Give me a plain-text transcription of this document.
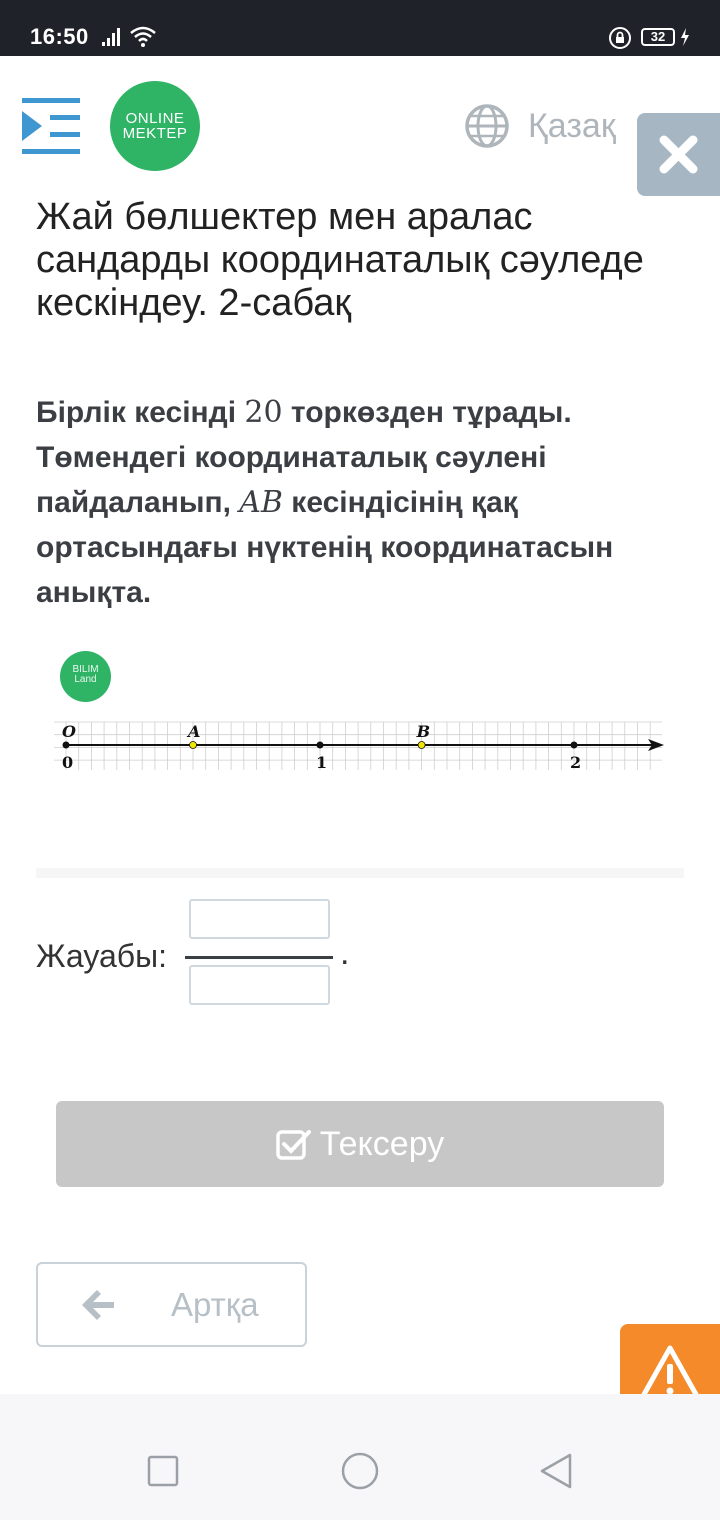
16:50	32
ONLINE
MEKTEP	Қазақ
Жай бөлшектер мен аралас сандарды координаталық сәуледе кескіндеу. 2-сабақ
Бірлік кесінді 20 торкөзден тұрады. Төмендегі координаталық сәулені пайдаланып, AB кесіндісінің қақ ортасындағы нүктенің координатасын анықта.
BILIM
Land
O	A	B
0	1	2
Жауабы:	.
Тексеру
Артқа
